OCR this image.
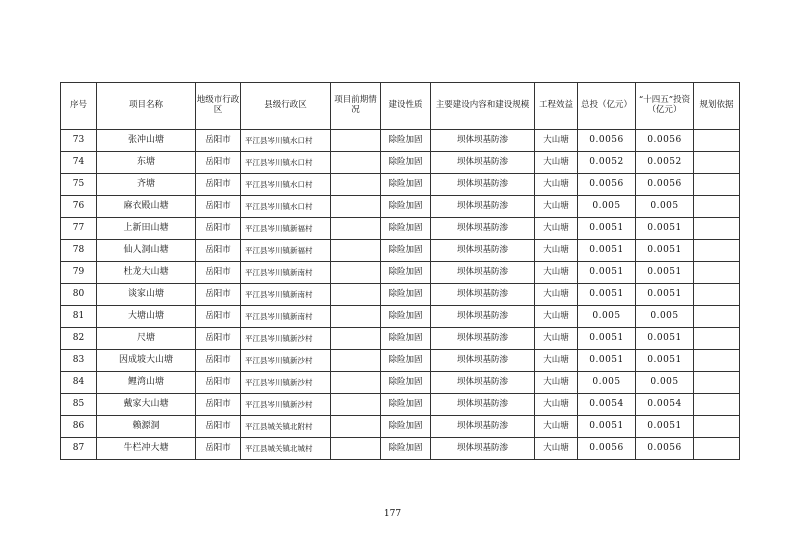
序号	项目名称	地级市行政区	县级行政区	项目前期情况	建设性质	主要建设内容和建设规模	工程效益	总投（亿元）	“十四五”投资（亿元）	规划依据
73	张冲山塘	岳阳市	平江县岑川镇水口村		除险加固	坝体坝基防渗	大山塘	0.0056	0.0056	
74	东塘	岳阳市	平江县岑川镇水口村		除险加固	坝体坝基防渗	大山塘	0.0052	0.0052	
75	齐塘	岳阳市	平江县岑川镇水口村		除险加固	坝体坝基防渗	大山塘	0.0056	0.0056	
76	麻衣殿山塘	岳阳市	平江县岑川镇水口村		除险加固	坝体坝基防渗	大山塘	0.005	0.005	
77	上新田山塘	岳阳市	平江县岑川镇新福村		除险加固	坝体坝基防渗	大山塘	0.0051	0.0051	
78	仙人洞山塘	岳阳市	平江县岑川镇新福村		除险加固	坝体坝基防渗	大山塘	0.0051	0.0051	
79	杜龙大山塘	岳阳市	平江县岑川镇新南村		除险加固	坝体坝基防渗	大山塘	0.0051	0.0051	
80	谈家山塘	岳阳市	平江县岑川镇新南村		除险加固	坝体坝基防渗	大山塘	0.0051	0.0051	
81	大塘山塘	岳阳市	平江县岑川镇新南村		除险加固	坝体坝基防渗	大山塘	0.005	0.005	
82	尺塘	岳阳市	平江县岑川镇新沙村		除险加固	坝体坝基防渗	大山塘	0.0051	0.0051	
83	因成坡大山塘	岳阳市	平江县岑川镇新沙村		除险加固	坝体坝基防渗	大山塘	0.0051	0.0051	
84	鲤湾山塘	岳阳市	平江县岑川镇新沙村		除险加固	坝体坝基防渗	大山塘	0.005	0.005	
85	戴家大山塘	岳阳市	平江县岑川镇新沙村		除险加固	坝体坝基防渗	大山塘	0.0054	0.0054	
86	赖源洞	岳阳市	平江县城关镇北附村		除险加固	坝体坝基防渗	大山塘	0.0051	0.0051	
87	牛栏冲大塘	岳阳市	平江县城关镇北城村		除险加固	坝体坝基防渗	大山塘	0.0056	0.0056	
177
